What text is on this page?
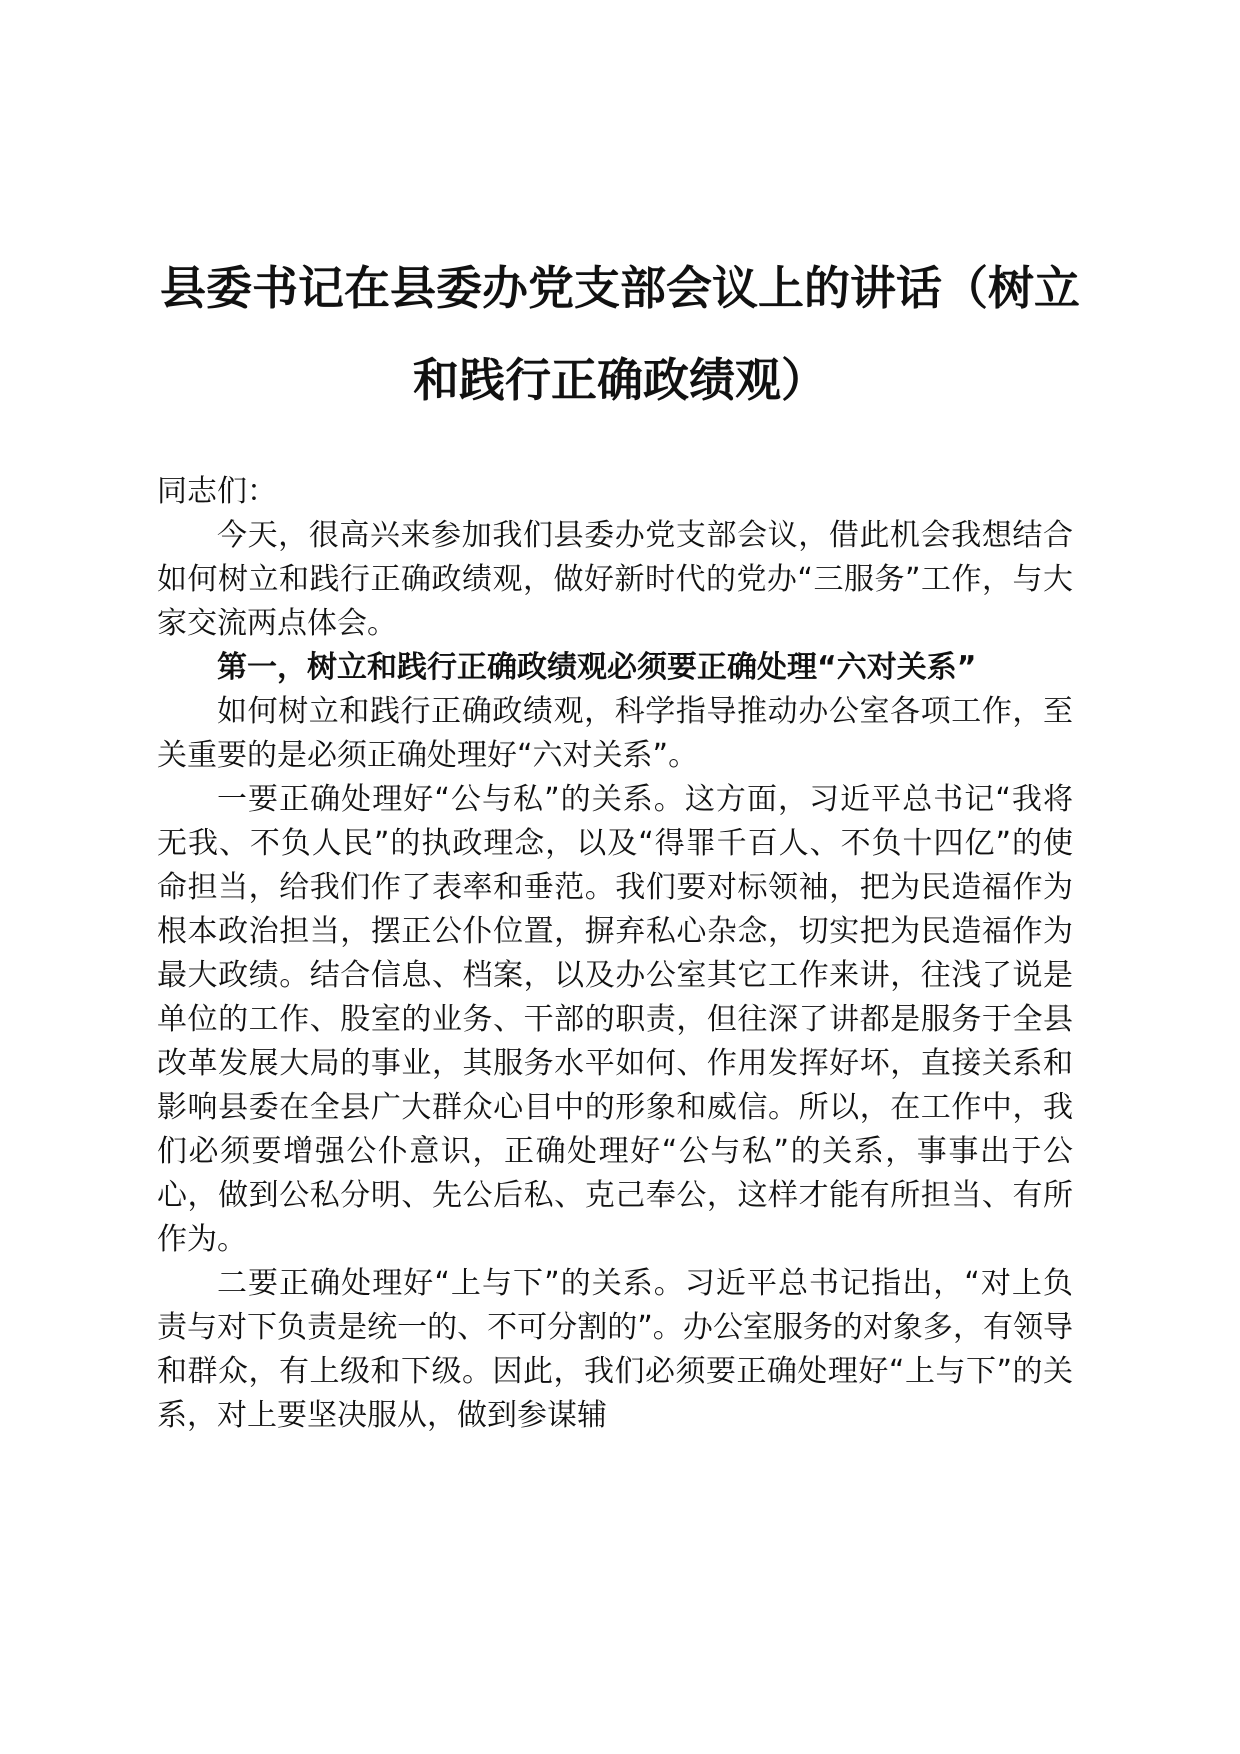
县委书记在县委办党支部会议上的讲话（树立
和践行正确政绩观）

同志们：

今天，很高兴来参加我们县委办党支部会议，借此机会我想结合如何树立和践行正确政绩观，做好新时代的党办“三服务”工作，与大家交流两点体会。

第一，树立和践行正确政绩观必须要正确处理“六对关系”

如何树立和践行正确政绩观，科学指导推动办公室各项工作，至关重要的是必须正确处理好“六对关系”。

一要正确处理好“公与私”的关系。这方面，习近平总书记“我将无我、不负人民”的执政理念，以及“得罪千百人、不负十四亿”的使命担当，给我们作了表率和垂范。我们要对标领袖，把为民造福作为根本政治担当，摆正公仆位置，摒弃私心杂念，切实把为民造福作为最大政绩。结合信息、档案，以及办公室其它工作来讲，往浅了说是单位的工作、股室的业务、干部的职责，但往深了讲都是服务于全县改革发展大局的事业，其服务水平如何、作用发挥好坏，直接关系和影响县委在全县广大群众心目中的形象和威信。所以，在工作中，我们必须要增强公仆意识，正确处理好“公与私”的关系，事事出于公心，做到公私分明、先公后私、克己奉公，这样才能有所担当、有所作为。

二要正确处理好“上与下”的关系。习近平总书记指出，“对上负责与对下负责是统一的、不可分割的”。办公室服务的对象多，有领导和群众，有上级和下级。因此，我们必须要正确处理好“上与下”的关系，对上要坚决服从，做到参谋辅
